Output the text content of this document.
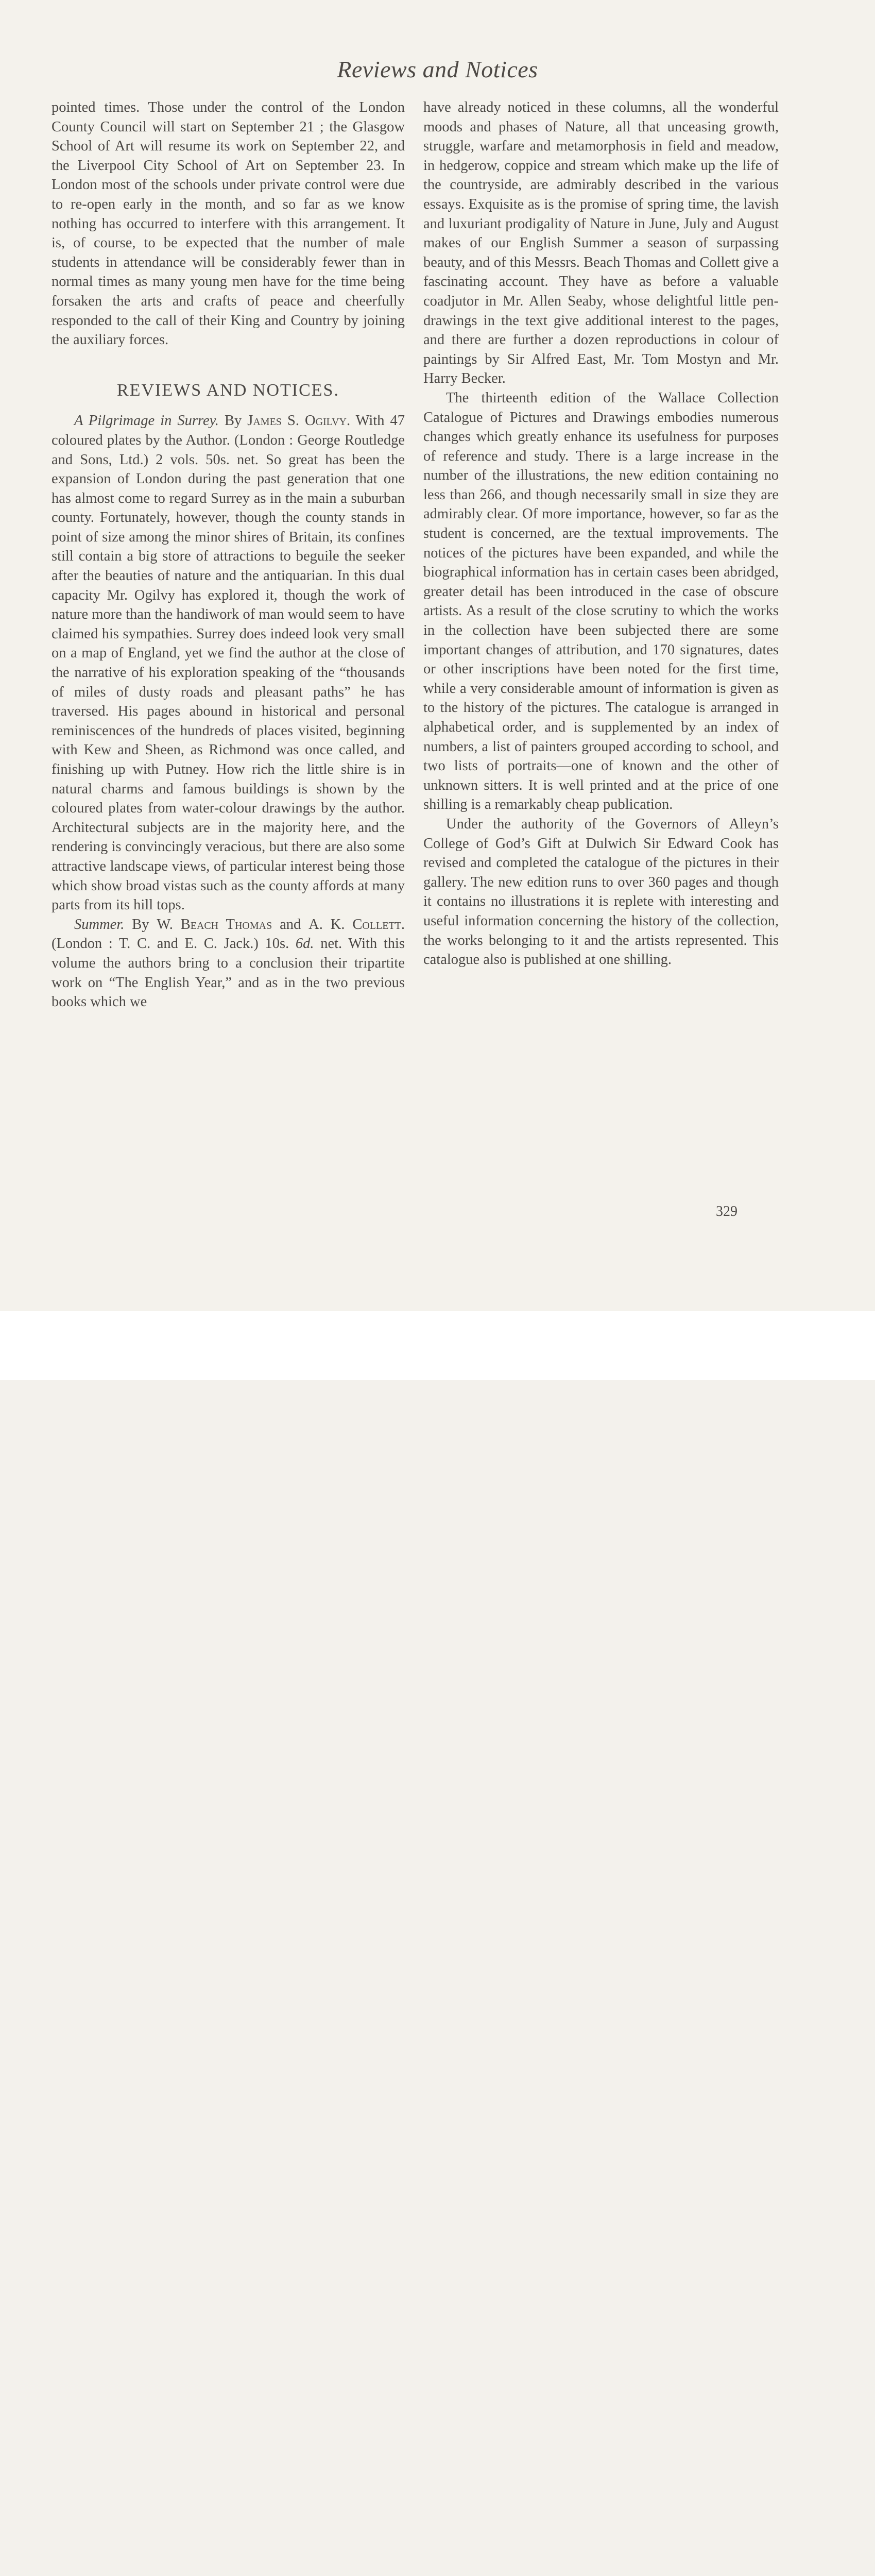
Reviews and Notices

pointed times. Those under the control of the London County Council will start on September 21 ; the Glasgow School of Art will resume its work on September 22, and the Liverpool City School of Art on September 23. In London most of the schools under private control were due to re-open early in the month, and so far as we know nothing has occurred to interfere with this arrangement. It is, of course, to be expected that the number of male students in attendance will be considerably fewer than in normal times as many young men have for the time being forsaken the arts and crafts of peace and cheerfully responded to the call of their King and Country by joining the auxiliary forces.

REVIEWS AND NOTICES.

A Pilgrimage in Surrey. By James S. Ogilvy. With 47 coloured plates by the Author. (London : George Routledge and Sons, Ltd.) 2 vols. 50s. net. So great has been the expansion of London during the past generation that one has almost come to regard Surrey as in the main a suburban county. Fortunately, however, though the county stands in point of size among the minor shires of Britain, its confines still contain a big store of attractions to beguile the seeker after the beauties of nature and the antiquarian. In this dual capacity Mr. Ogilvy has explored it, though the work of nature more than the handiwork of man would seem to have claimed his sympathies. Surrey does indeed look very small on a map of England, yet we find the author at the close of the narrative of his exploration speaking of the “thousands of miles of dusty roads and pleasant paths” he has traversed. His pages abound in historical and personal reminiscences of the hundreds of places visited, beginning with Kew and Sheen, as Richmond was once called, and finishing up with Putney. How rich the little shire is in natural charms and famous buildings is shown by the coloured plates from water-colour drawings by the author. Architectural subjects are in the majority here, and the rendering is convincingly veracious, but there are also some attractive landscape views, of particular interest being those which show broad vistas such as the county affords at many parts from its hill tops.

Summer. By W. Beach Thomas and A. K. Collett. (London : T. C. and E. C. Jack.) 10s. 6d. net. With this volume the authors bring to a conclusion their tripartite work on “The English Year,” and as in the two previous books which we

have already noticed in these columns, all the wonderful moods and phases of Nature, all that unceasing growth, struggle, warfare and metamorphosis in field and meadow, in hedgerow, coppice and stream which make up the life of the countryside, are admirably described in the various essays. Exquisite as is the promise of spring time, the lavish and luxuriant prodigality of Nature in June, July and August makes of our English Summer a season of surpassing beauty, and of this Messrs. Beach Thomas and Collett give a fascinating account. They have as before a valuable coadjutor in Mr. Allen Seaby, whose delightful little pen-drawings in the text give additional interest to the pages, and there are further a dozen reproductions in colour of paintings by Sir Alfred East, Mr. Tom Mostyn and Mr. Harry Becker.

The thirteenth edition of the Wallace Collection Catalogue of Pictures and Drawings embodies numerous changes which greatly enhance its usefulness for purposes of reference and study. There is a large increase in the number of the illustrations, the new edition containing no less than 266, and though necessarily small in size they are admirably clear. Of more importance, however, so far as the student is concerned, are the textual improvements. The notices of the pictures have been expanded, and while the biographical information has in certain cases been abridged, greater detail has been introduced in the case of obscure artists. As a result of the close scrutiny to which the works in the collection have been subjected there are some important changes of attribution, and 170 signatures, dates or other inscriptions have been noted for the first time, while a very considerable amount of information is given as to the history of the pictures. The catalogue is arranged in alphabetical order, and is supplemented by an index of numbers, a list of painters grouped according to school, and two lists of portraits—one of known and the other of unknown sitters. It is well printed and at the price of one shilling is a remarkably cheap publication.

Under the authority of the Governors of Alleyn’s College of God’s Gift at Dulwich Sir Edward Cook has revised and completed the catalogue of the pictures in their gallery. The new edition runs to over 360 pages and though it contains no illustrations it is replete with interesting and useful information concerning the history of the collection, the works belonging to it and the artists represented. This catalogue also is published at one shilling.

329
